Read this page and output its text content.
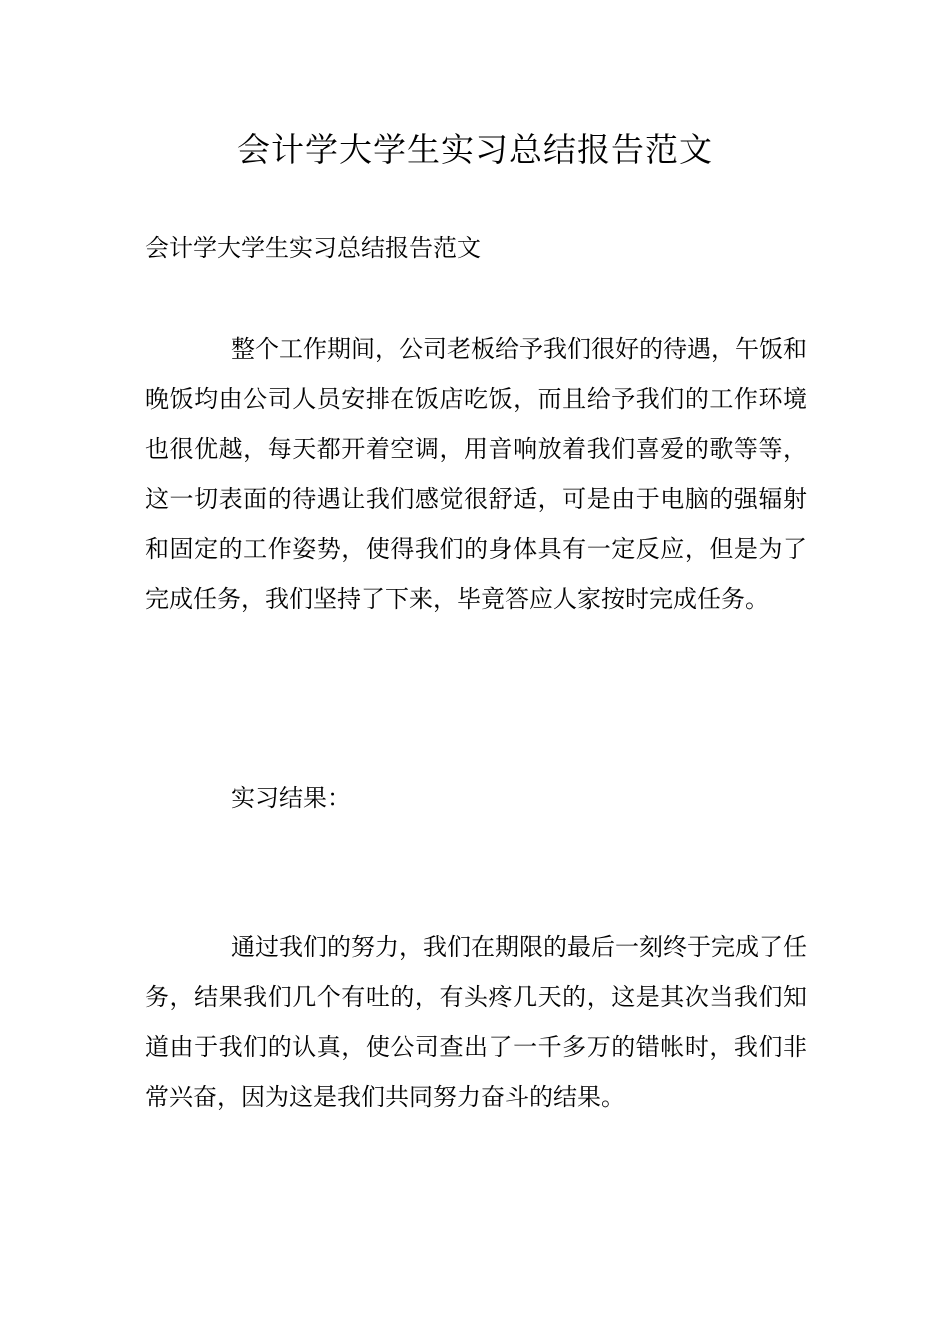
会计学大学生实习总结报告范文

会计学大学生实习总结报告范文

整个工作期间，公司老板给予我们很好的待遇，午饭和晚饭均由公司人员安排在饭店吃饭，而且给予我们的工作环境也很优越，每天都开着空调，用音响放着我们喜爱的歌等等，这一切表面的待遇让我们感觉很舒适，可是由于电脑的强辐射和固定的工作姿势，使得我们的身体具有一定反应，但是为了完成任务，我们坚持了下来，毕竟答应人家按时完成任务。

实习结果：

通过我们的努力，我们在期限的最后一刻终于完成了任务，结果我们几个有吐的，有头疼几天的，这是其次当我们知道由于我们的认真，使公司查出了一千多万的错帐时，我们非常兴奋，因为这是我们共同努力奋斗的结果。
